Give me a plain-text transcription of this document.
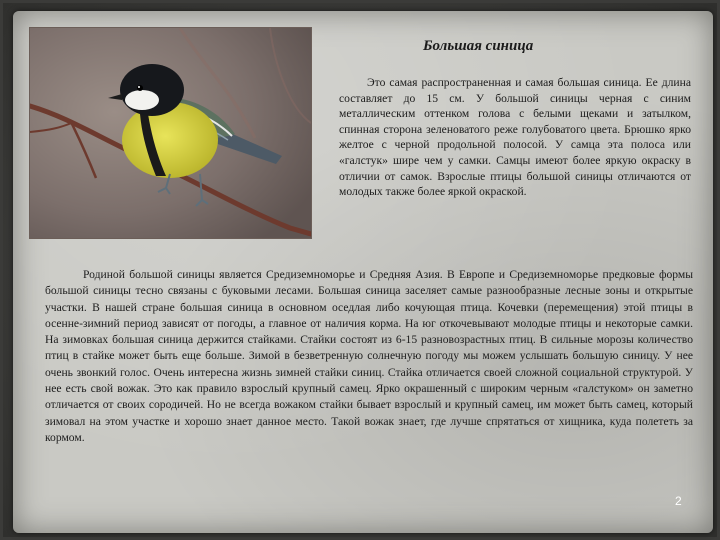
Большая синица

Это самая распространенная и самая большая синица. Ее длина составляет до 15 см. У большой синицы черная с синим металлическим оттенком голова с белыми щеками и затылком, спинная сторона зеленоватого реже голубоватого цвета. Брюшко ярко желтое с черной продольной полосой. У самца эта полоса или «галстук» шире чем у самки. Самцы имеют более яркую окраску в отличии от самок. Взрослые птицы большой синицы отличаются от молодых также более яркой окраской.

Родиной большой синицы является Средиземноморье и Средняя Азия. В Европе и Средиземноморье предковые формы большой синицы тесно связаны с буковыми лесами. Большая синица заселяет самые разнообразные лесные зоны и открытые участки. В нашей стране большая синица в основном оседлая либо кочующая птица. Кочевки (перемещения) этой птицы в осенне-зимний период зависят от погоды, а главное от наличия корма. На юг откочевывают молодые птицы и некоторые самки. На зимовках большая синица держится стайками. Стайки состоят из 6-15 разновозрастных птиц. В сильные морозы количество птиц в стайке может быть еще больше. Зимой в безветренную солнечную погоду мы можем услышать большую синицу. У нее очень звонкий голос. Очень интересна жизнь зимней стайки синиц. Стайка отличается своей сложной социальной структурой. У нее есть свой вожак. Это как правило взрослый крупный самец. Ярко окрашенный с широким черным «галстуком» он заметно отличается от своих сородичей. Но не всегда вожаком стайки бывает взрослый и крупный самец, им может быть самец, который зимовал на этом участке и хорошо знает данное место. Такой вожак знает, где лучше спрятаться от хищника, куда полететь за кормом.

2
